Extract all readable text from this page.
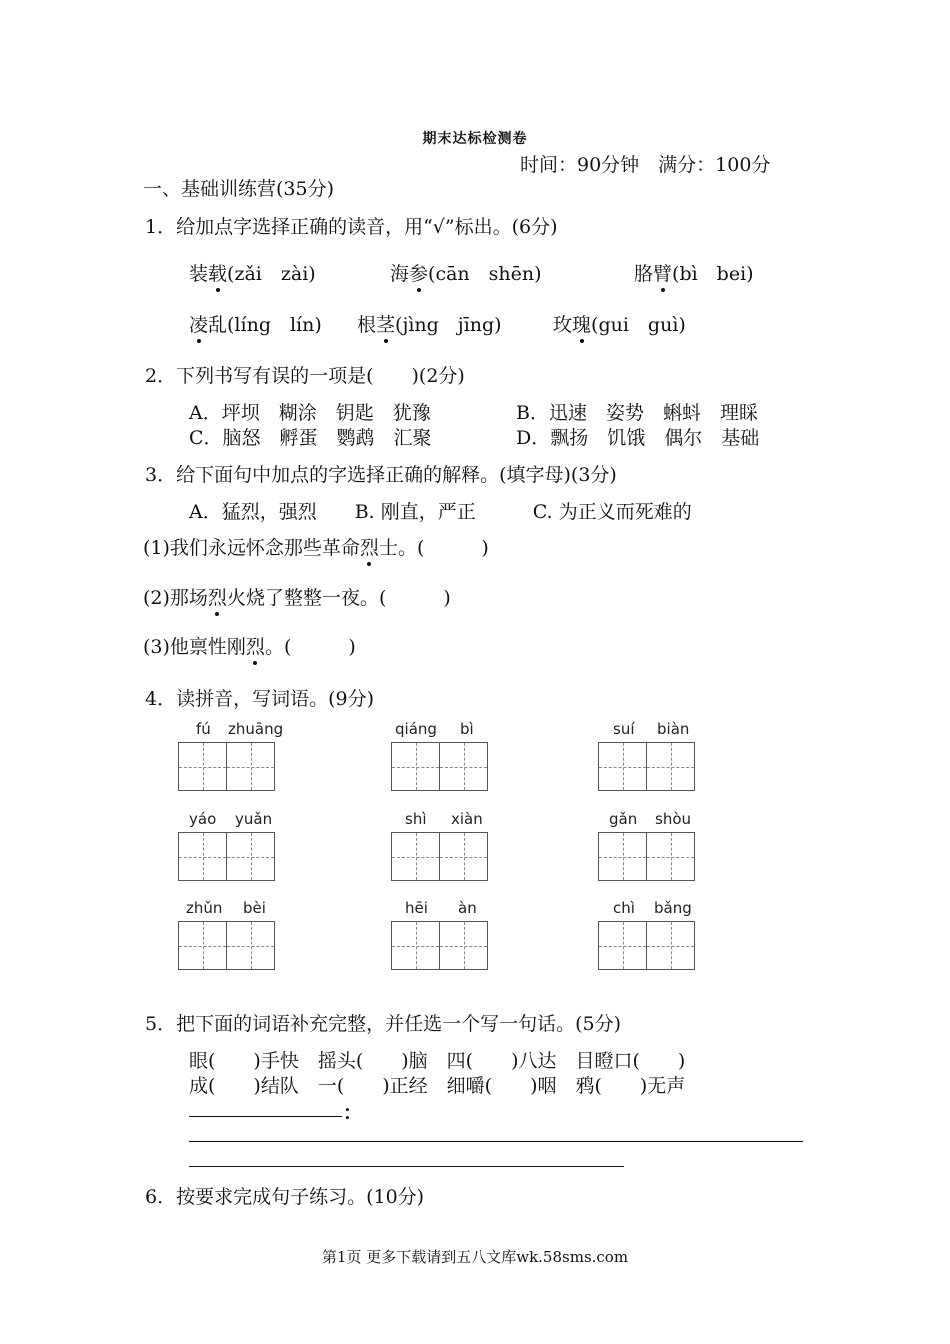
期末达标检测卷
时间：90分钟　满分：100分
一、基础训练营(35分)
1．给加点字选择正确的读音，用“√”标出。(6分)
装载(zǎi　zài)	海参(cān　shēn)	胳臂(bì　bei)
凌乱(líng　lín) 根茎(jìng　jīng)	玫瑰(gui　guì)
2．下列书写有误的一项是(　　)(2分)
A．坪坝　糊涂　钥匙　犹豫	B．迅速　姿势　蝌蚪　理睬
C．脑怒　孵蛋　鹦鹉　汇聚	D．飘扬　饥饿　偶尔　基础
3．给下面句中加点的字选择正确的解释。(填字母)(3分)
A．猛烈，强烈　　B. 刚直，严正　　　C. 为正义而死难的
(1)我们永远怀念那些革命烈士。(　　　)
(2)那场烈火烧了整整一夜。(　　　)
(3)他禀性刚烈。(　　　)
4．读拼音，写词语。(9分)
fú zhuāng	qiáng bì	suí biàn
yáo yuǎn	shì xiàn	gǎn shòu
zhǔn bèi	hēi àn	chì bǎng
5．把下面的词语补充完整，并任选一个写一句话。(5分)
眼(　　)手快　摇头(　　)脑　四(　　)八达　目瞪口(　　)
成(　　)结队　一(　　)正经　细嚼(　　)咽　鸦(　　)无声
：
6．按要求完成句子练习。(10分)
第1页 更多下载请到五八文库wk.58sms.com
